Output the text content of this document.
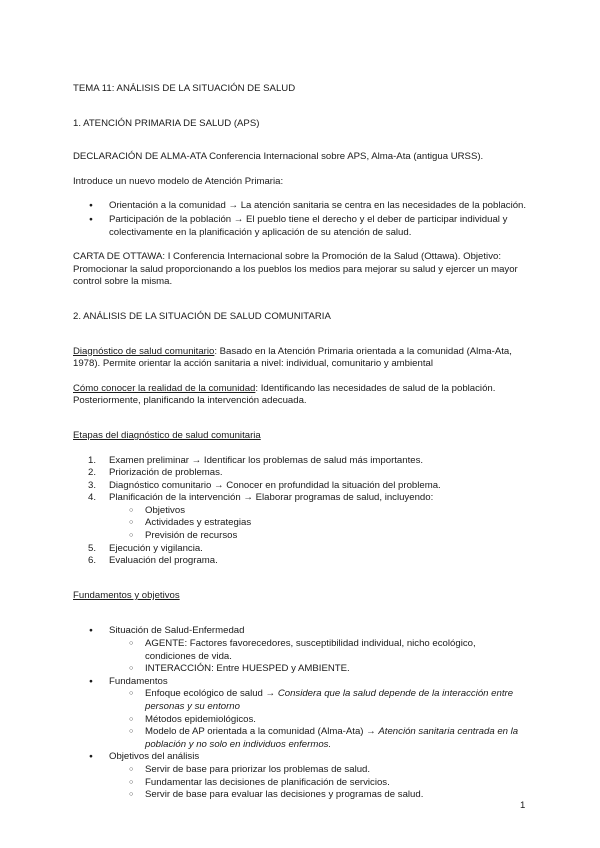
TEMA 11: ANÁLISIS DE LA SITUACIÓN DE SALUD

1. ATENCIÓN PRIMARIA DE SALUD (APS)

DECLARACIÓN DE ALMA-ATA Conferencia Internacional sobre APS, Alma-Ata (antigua URSS).

Introduce un nuevo modelo de Atención Primaria:

● Orientación a la comunidad → La atención sanitaria se centra en las necesidades de la población.
● Participación de la población → El pueblo tiene el derecho y el deber de participar individual y colectivamente en la planificación y aplicación de su atención de salud.

CARTA DE OTTAWA: I Conferencia Internacional sobre la Promoción de la Salud (Ottawa). Objetivo: Promocionar la salud proporcionando a los pueblos los medios para mejorar su salud y ejercer un mayor control sobre la misma.

2. ANÁLISIS DE LA SITUACIÓN DE SALUD COMUNITARIA

Diagnóstico de salud comunitario: Basado en la Atención Primaria orientada a la comunidad (Alma-Ata, 1978). Permite orientar la acción sanitaria a nivel: individual, comunitario y ambiental

Cómo conocer la realidad de la comunidad: Identificando las necesidades de salud de la población. Posteriormente, planificando la intervención adecuada.

Etapas del diagnóstico de salud comunitaria

1. Examen preliminar → Identificar los problemas de salud más importantes.
2. Priorización de problemas.
3. Diagnóstico comunitario → Conocer en profundidad la situación del problema.
4. Planificación de la intervención → Elaborar programas de salud, incluyendo:
○ Objetivos
○ Actividades y estrategias
○ Previsión de recursos
5. Ejecución y vigilancia.
6. Evaluación del programa.

Fundamentos y objetivos

● Situación de Salud-Enfermedad
○ AGENTE: Factores favorecedores, susceptibilidad individual, nicho ecológico, condiciones de vida.
○ INTERACCIÓN: Entre HUESPED y AMBIENTE.
● Fundamentos
○ Enfoque ecológico de salud → Considera que la salud depende de la interacción entre personas y su entorno
○ Métodos epidemiológicos.
○ Modelo de AP orientada a la comunidad (Alma-Ata) → Atención sanitaria centrada en la población y no solo en individuos enfermos.
● Objetivos del análisis
○ Servir de base para priorizar los problemas de salud.
○ Fundamentar las decisiones de planificación de servicios.
○ Servir de base para evaluar las decisiones y programas de salud.
1
